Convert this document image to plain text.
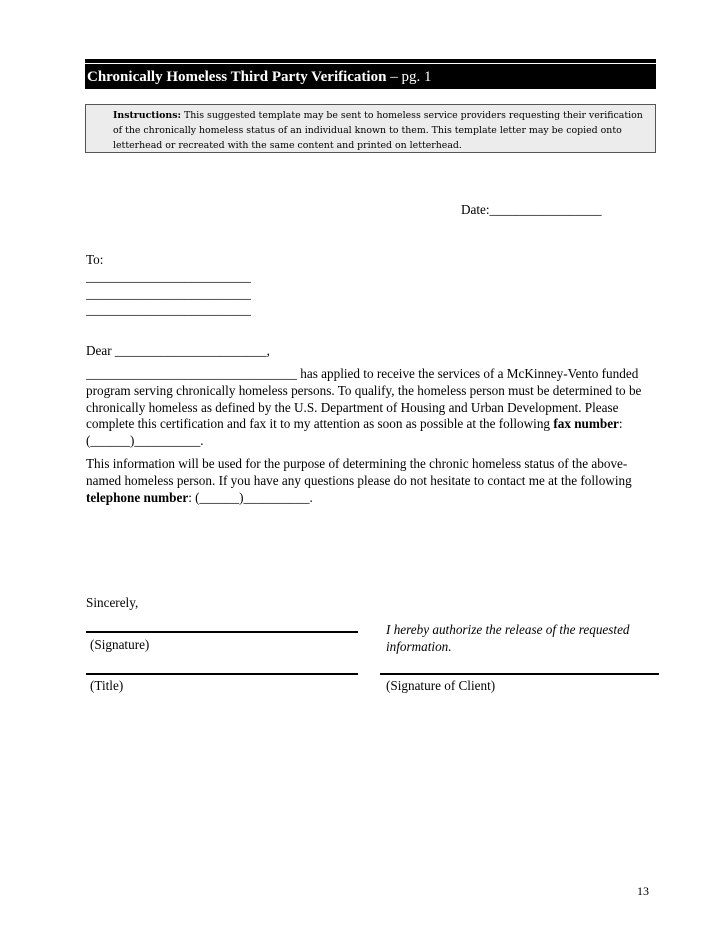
Chronically Homeless Third Party Verification – pg. 1
Instructions: This suggested template may be sent to homeless service providers requesting their verification of the chronically homeless status of an individual known to them. This template letter may be copied onto letterhead or recreated with the same content and printed on letterhead.
Date:_________________
To:
_________________________
_________________________
_________________________
Dear _______________________,
________________________________ has applied to receive the services of a McKinney-Vento funded program serving chronically homeless persons. To qualify, the homeless person must be determined to be chronically homeless as defined by the U.S. Department of Housing and Urban Development. Please complete this certification and fax it to my attention as soon as possible at the following fax number: (______)__________.
This information will be used for the purpose of determining the chronic homeless status of the above-named homeless person. If you have any questions please do not hesitate to contact me at the following telephone number: (______)__________.
Sincerely,
(Signature)
I hereby authorize the release of the requested information.
(Title)	(Signature of Client)
13
